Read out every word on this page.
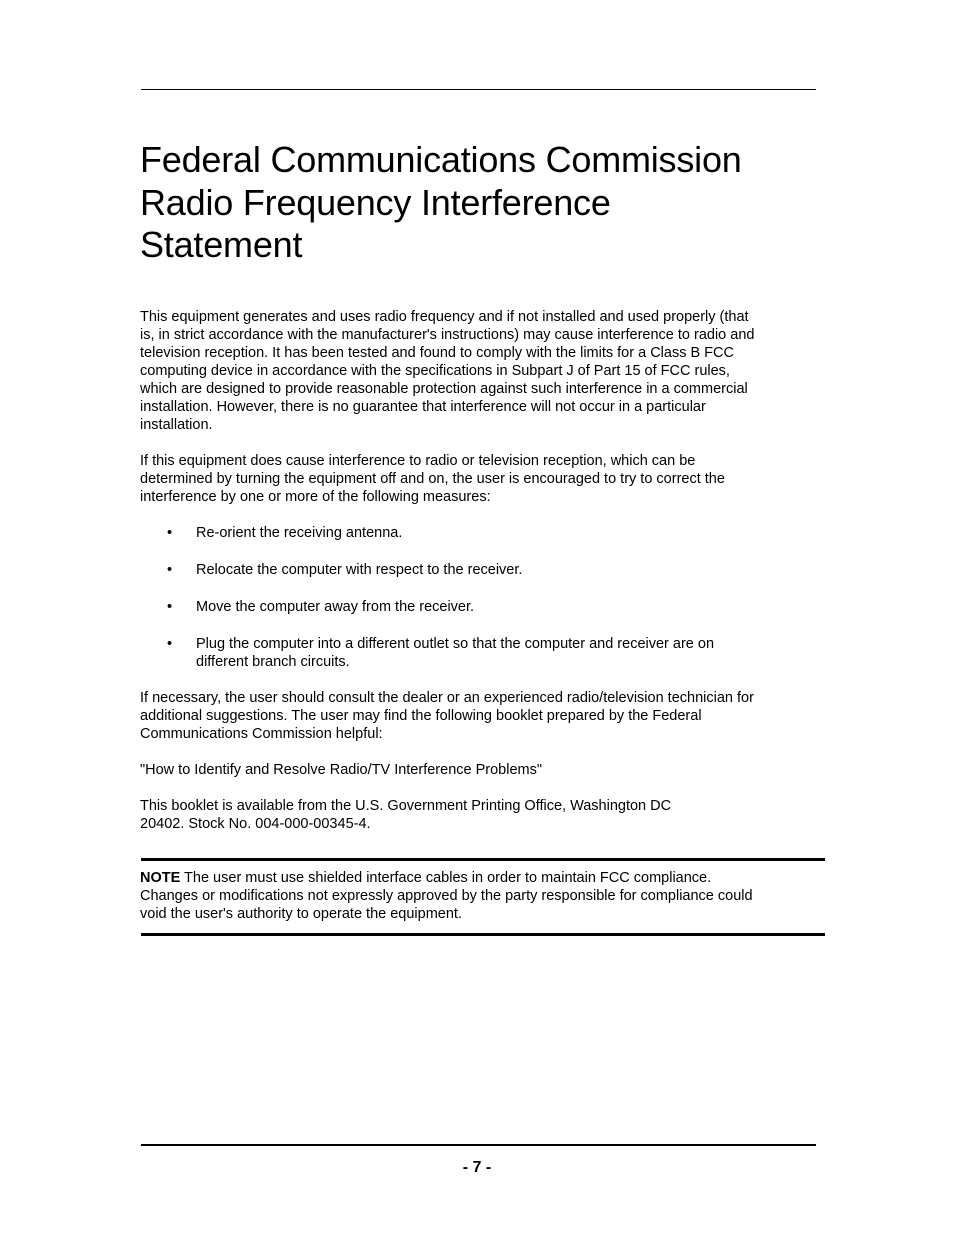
Federal Communications Commission
Radio Frequency Interference
Statement

This equipment generates and uses radio frequency and if not installed and used properly (that
is, in strict accordance with the manufacturer's instructions) may cause interference to radio and
television reception. It has been tested and found to comply with the limits for a Class B FCC
computing device in accordance with the specifications in Subpart J of Part 15 of FCC rules,
which are designed to provide reasonable protection against such interference in a commercial
installation. However, there is no guarantee that interference will not occur in a particular
installation.

If this equipment does cause interference to radio or television reception, which can be
determined by turning the equipment off and on, the user is encouraged to try to correct the
interference by one or more of the following measures:

• Re-orient the receiving antenna.
• Relocate the computer with respect to the receiver.
• Move the computer away from the receiver.
• Plug the computer into a different outlet so that the computer and receiver are on
different branch circuits.

If necessary, the user should consult the dealer or an experienced radio/television technician for
additional suggestions. The user may find the following booklet prepared by the Federal
Communications Commission helpful:

"How to Identify and Resolve Radio/TV Interference Problems"

This booklet is available from the U.S. Government Printing Office, Washington DC
20402. Stock No. 004-000-00345-4.

NOTE The user must use shielded interface cables in order to maintain FCC compliance.
Changes or modifications not expressly approved by the party responsible for compliance could
void the user's authority to operate the equipment.
- 7 -
